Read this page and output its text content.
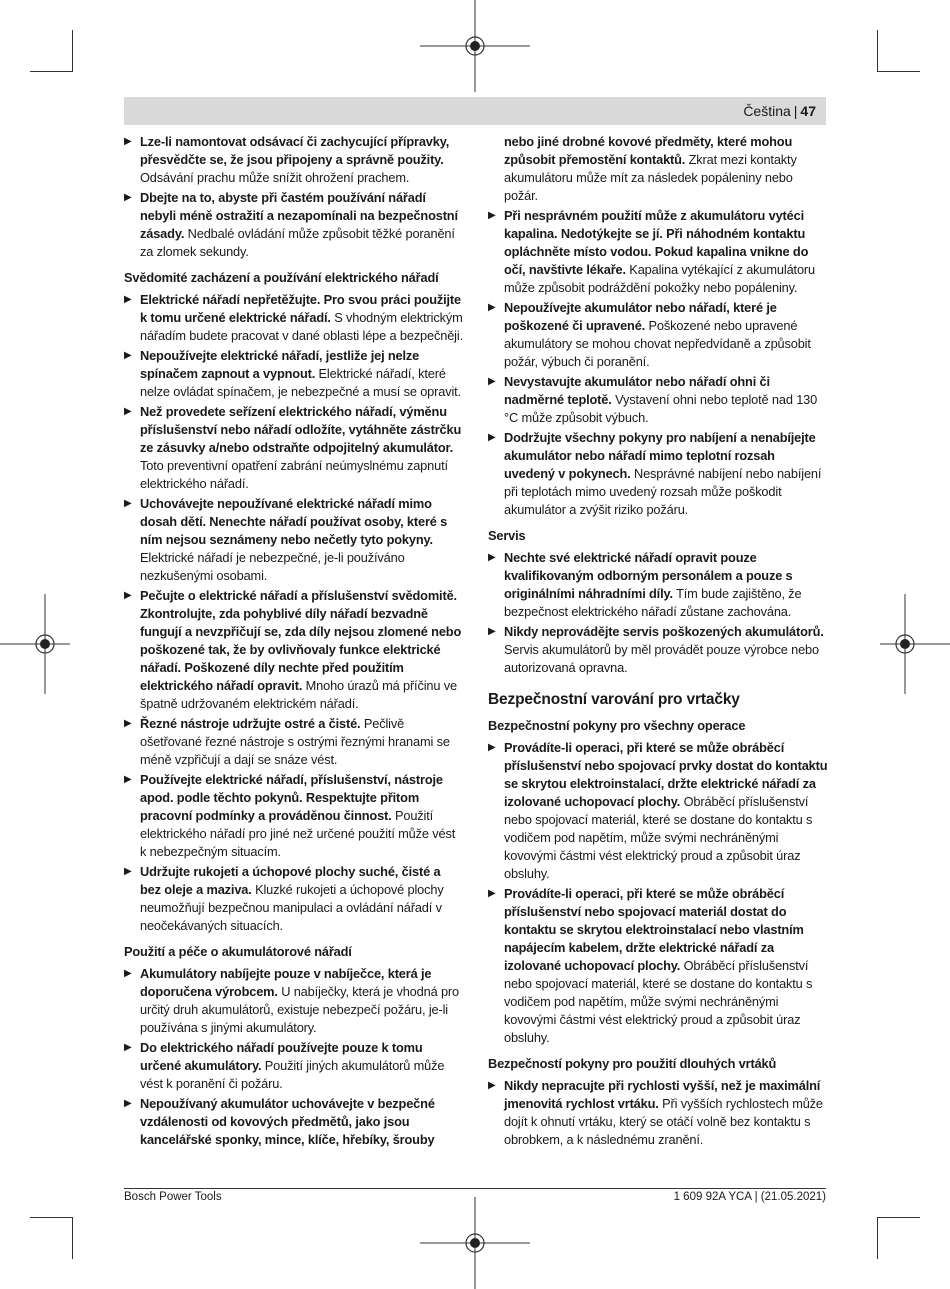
Čeština | 47
▶ Lze-li namontovat odsávací či zachycující přípravky, přesvědčte se, že jsou připojeny a správně použity. Odsávání prachu může snížit ohrožení prachem.
▶ Dbejte na to, abyste při častém používání nářadí nebyli méně ostražití a nezapomínali na bezpečnostní zásady. Nedbalé ovládání může způsobit těžké poranění za zlomek sekundy.
Svědomité zacházení a používání elektrického nářadí
▶ Elektrické nářadí nepřetěžujte. Pro svou práci použijte k tomu určené elektrické nářadí. S vhodným elektrickým nářadím budete pracovat v dané oblasti lépe a bezpečněji.
▶ Nepoužívejte elektrické nářadí, jestliže jej nelze spínačem zapnout a vypnout. Elektrické nářadí, které nelze ovládat spínačem, je nebezpečné a musí se opravit.
▶ Než provedete seřízení elektrického nářadí, výměnu příslušenství nebo nářadí odložíte, vytáhněte zástrčku ze zásuvky a/nebo odstraňte odpojitelný akumulátor. Toto preventivní opatření zabrání neúmyslnému zapnutí elektrického nářadí.
▶ Uchovávejte nepoužívané elektrické nářadí mimo dosah dětí. Nenechte nářadí používat osoby, které s ním nejsou seznámeny nebo nečetly tyto pokyny. Elektrické nářadí je nebezpečné, je-li používáno nezkušenými osobami.
▶ Pečujte o elektrické nářadí a příslušenství svědomitě. Zkontrolujte, zda pohyblivé díly nářadí bezvadně fungují a nevzpřičují se, zda díly nejsou zlomené nebo poškozené tak, že by ovlivňovaly funkce elektrické nářadí. Poškozené díly nechte před použitím elektrického nářadí opravit. Mnoho úrazů má příčinu ve špatně udržovaném elektrickém nářadí.
▶ Řezné nástroje udržujte ostré a čisté. Pečlivě ošetřované řezné nástroje s ostrými řeznými hranami se méně vzpřičují a dají se snáze vést.
▶ Používejte elektrické nářadí, příslušenství, nástroje apod. podle těchto pokynů. Respektujte přitom pracovní podmínky a prováděnou činnost. Použití elektrického nářadí pro jiné než určené použití může vést k nebezpečným situacím.
▶ Udržujte rukojeti a úchopové plochy suché, čisté a bez oleje a maziva. Kluzké rukojeti a úchopové plochy neumožňují bezpečnou manipulaci a ovládání nářadí v neočekávaných situacích.
Použití a péče o akumulátorové nářadí
▶ Akumulátory nabíjejte pouze v nabíječce, která je doporučena výrobcem. U nabíječky, která je vhodná pro určitý druh akumulátorů, existuje nebezpečí požáru, je-li používána s jinými akumulátory.
▶ Do elektrického nářadí používejte pouze k tomu určené akumulátory. Použití jiných akumulátorů může vést k poranění či požáru.
▶ Nepoužívaný akumulátor uchovávejte v bezpečné vzdálenosti od kovových předmětů, jako jsou kancelářské sponky, mince, klíče, hřebíky, šrouby
nebo jiné drobné kovové předměty, které mohou způsobit přemostění kontaktů. Zkrat mezi kontakty akumulátoru může mít za následek popáleniny nebo požár.
▶ Při nesprávném použití může z akumulátoru vytéci kapalina. Nedotýkejte se jí. Při náhodném kontaktu opláchněte místo vodou. Pokud kapalina vnikne do očí, navštivte lékaře. Kapalina vytékající z akumulátoru může způsobit podráždění pokožky nebo popáleniny.
▶ Nepoužívejte akumulátor nebo nářadí, které je poškozené či upravené. Poškozené nebo upravené akumulátory se mohou chovat nepředvídaně a způsobit požár, výbuch či poranění.
▶ Nevystavujte akumulátor nebo nářadí ohni či nadměrné teplotě. Vystavení ohni nebo teplotě nad 130 °C může způsobit výbuch.
▶ Dodržujte všechny pokyny pro nabíjení a nenabíjejte akumulátor nebo nářadí mimo teplotní rozsah uvedený v pokynech. Nesprávné nabíjení nebo nabíjení při teplotách mimo uvedený rozsah může poškodit akumulátor a zvýšit riziko požáru.
Servis
▶ Nechte své elektrické nářadí opravit pouze kvalifikovaným odborným personálem a pouze s originálními náhradními díly. Tím bude zajištěno, že bezpečnost elektrického nářadí zůstane zachována.
▶ Nikdy neprovádějte servis poškozených akumulátorů. Servis akumulátorů by měl provádět pouze výrobce nebo autorizovaná opravna.
Bezpečnostní varování pro vrtačky
Bezpečnostní pokyny pro všechny operace
▶ Provádíte-li operaci, při které se může obráběcí příslušenství nebo spojovací prvky dostat do kontaktu se skrytou elektroinstalací, držte elektrické nářadí za izolované uchopovací plochy. Obráběcí příslušenství nebo spojovací materiál, které se dostane do kontaktu s vodičem pod napětím, může svými nechráněnými kovovými částmi vést elektrický proud a způsobit úraz obsluhy.
▶ Provádíte-li operaci, při které se může obráběcí příslušenství nebo spojovací materiál dostat do kontaktu se skrytou elektroinstalací nebo vlastním napájecím kabelem, držte elektrické nářadí za izolované uchopovací plochy. Obráběcí příslušenství nebo spojovací materiál, které se dostane do kontaktu s vodičem pod napětím, může svými nechráněnými kovovými částmi vést elektrický proud a způsobit úraz obsluhy.
Bezpečností pokyny pro použití dlouhých vrtáků
▶ Nikdy nepracujte při rychlosti vyšší, než je maximální jmenovitá rychlost vrtáku. Při vyšších rychlostech může dojít k ohnutí vrtáku, který se otáčí volně bez kontaktu s obrobkem, a k následnému zranění.
Bosch Power Tools	1 609 92A YCA | (21.05.2021)
